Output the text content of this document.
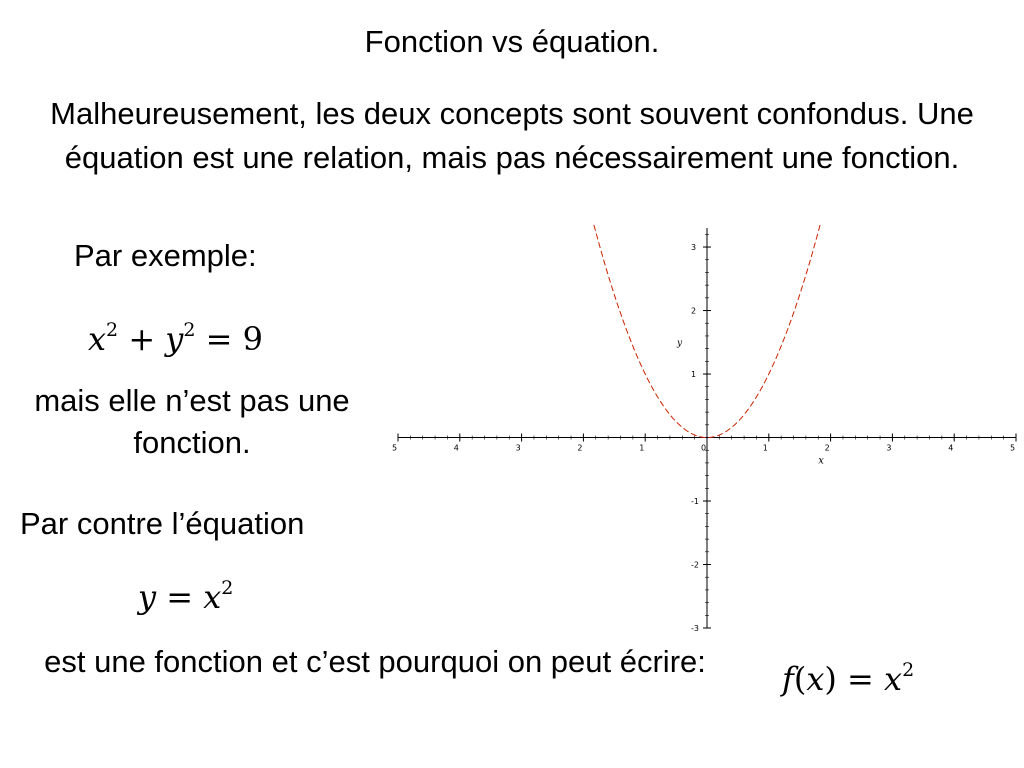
Fonction vs équation.
Malheureusement, les deux concepts sont souvent confondus. Une équation est une relation, mais pas nécessairement une fonction.
Par exemple:
$x^2 + y^2 = 9$
mais elle n’est pas une fonction.
Par contre l’équation
$y = x^2$
est une fonction et c’est pourquoi on peut écrire:	$f(x) = x^2$
5	4	3	2	1	0	1	2	3	4	5
-3
-2
-1
1
2
3
x
y
